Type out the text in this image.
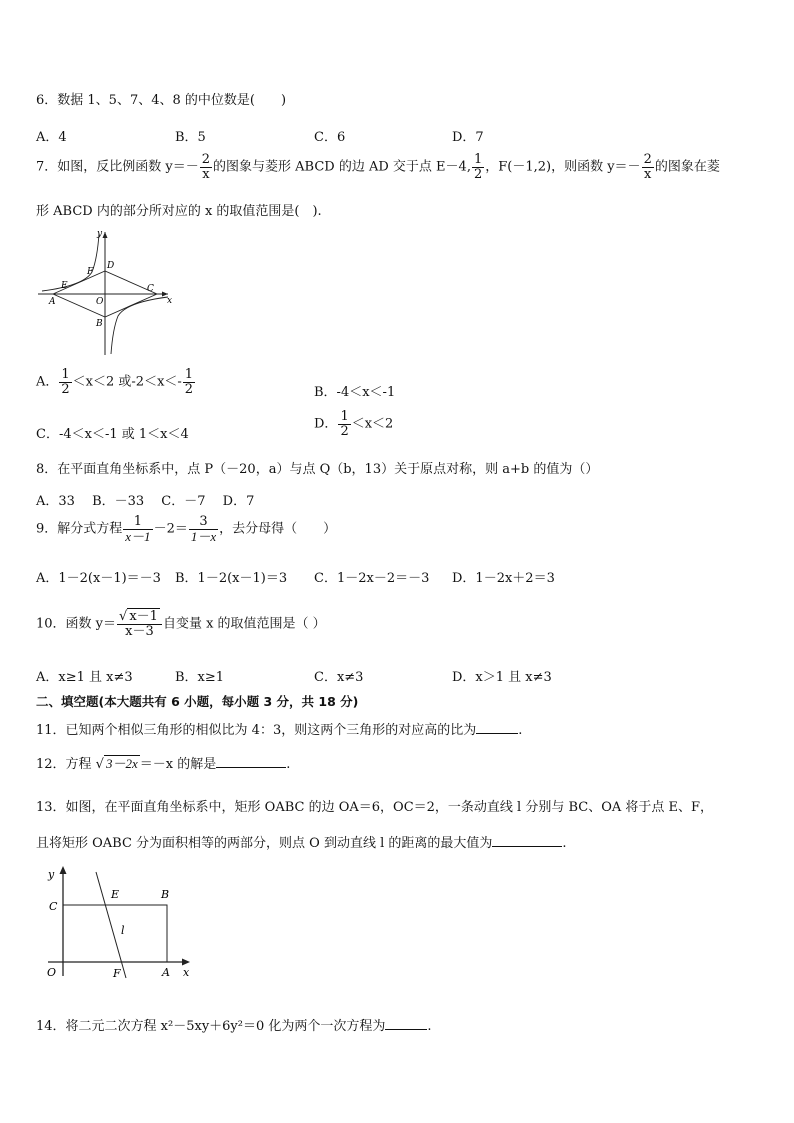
6．数据 1、5、7、4、8 的中位数是(　　)
A．4	B．5	C．6	D．7
7．如图，反比例函数 $y=- \frac{2}{x}$ 的图象与菱形 ABCD 的边 AD 交于点 E－4, $\frac{1}{2}$ ，F(－1,2)，则函数 $y=- \frac{2}{x}$ 的图象在菱
形 ABCD 内的部分所对应的 x 的取值范围是(　).
y
x
E
F
D
O
A
C
B
A． $\frac{1}{2} <x<2$ 或$-2<x<- \frac{1}{2}$	B．-4＜x＜-1
C．-4＜x＜-1 或 1＜x＜4
D． $\frac{1}{2} <x<2$
8．在平面直角坐标系中，点 P（－20，a）与点 Q（b，13）关于原点对称，则 a+b 的值为（）
A．33　 B．－33　 C．－7　 D．7
9．解分式方程 $\frac{1}{x-1} -2= \frac{3}{1-x}$ ，去分母得（　　）
A．1－2(x－1)＝－3 B．1－2(x－1)＝3 C．1－2x－2＝－3 D．1－2x＋2＝3
10．函数 $y= \frac{√ x-1}{x-3}$ 自变量 x 的取值范围是（ ）
A．x≥1 且 x≠3	B．x≥1	C．x≠3	D．x＞1 且 x≠3
二、填空题(本大题共有 6 小题，每小题 3 分，共 18 分)
11．已知两个相似三角形的相似比为 4：3，则这两个三角形的对应高的比为	.
12．方程 √ 3－2x ＝－x 的解是	.
13．如图，在平面直角坐标系中，矩形 OABC 的边 OA＝6，OC＝2，一条动直线 l 分别与 BC、OA 将于点 E、F，
且将矩形 OABC 分为面积相等的两部分，则点 O 到动直线 l 的距离的最大值为	.
y
x
C
E	B
l
O	F	A
14．将二元二次方程 x²－5xy＋6y²＝0 化为两个一次方程为	.
